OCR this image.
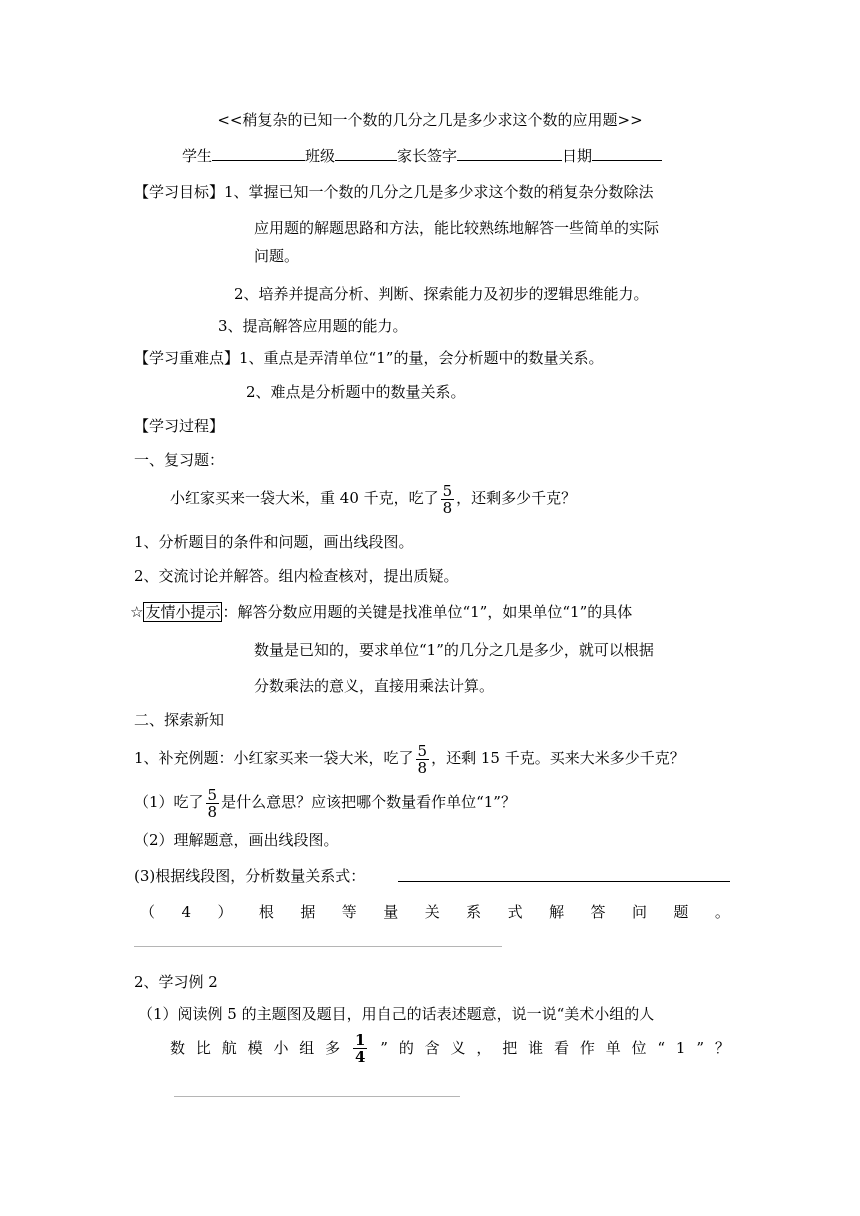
<<稍复杂的已知一个数的几分之几是多少求这个数的应用题>>
学生	班级	家长签字	日期
【学习目标】1、掌握已知一个数的几分之几是多少求这个数的稍复杂分数除法
应用题的解题思路和方法，能比较熟练地解答一些简单的实际
问题。
2、培养并提高分析、判断、探索能力及初步的逻辑思维能力。
3、提高解答应用题的能力。
【学习重难点】1、重点是弄清单位“1”的量，会分析题中的数量关系。
2、难点是分析题中的数量关系。
【学习过程】
一、复习题：
小红家买来一袋大米，重 40 千克，吃了 $\frac{5}{8}$ ，还剩多少千克？
1、分析题目的条件和问题，画出线段图。
2、交流讨论并解答。组内检查核对，提出质疑。
☆ 友情小提示 ：解答分数应用题的关键是找准单位“1”，如果单位“1”的具体
数量是已知的，要求单位“1”的几分之几是多少，就可以根据
分数乘法的意义，直接用乘法计算。
二、探索新知
1、补充例题：小红家买来一袋大米，吃了 $\frac{5}{8}$ ，还剩 15 千克。买来大米多少千克？
（1）吃了 $\frac{5}{8}$ 是什么意思？应该把哪个数量看作单位“1”？
（2）理解题意，画出线段图。
(3)根据线段图，分析数量关系式：
（ 4 ） 根 据 等 量 关 系 式 解 答 问 题 。
2、学习例 2
（1）阅读例 5 的主题图及题目，用自己的话表述题意，说一说“美术小组的人
数 比 航 模 小 组 多 $\frac{1}{4}$ ” 的 含 义 ， 把 谁 看 作 单 位 “ 1 ” ？
